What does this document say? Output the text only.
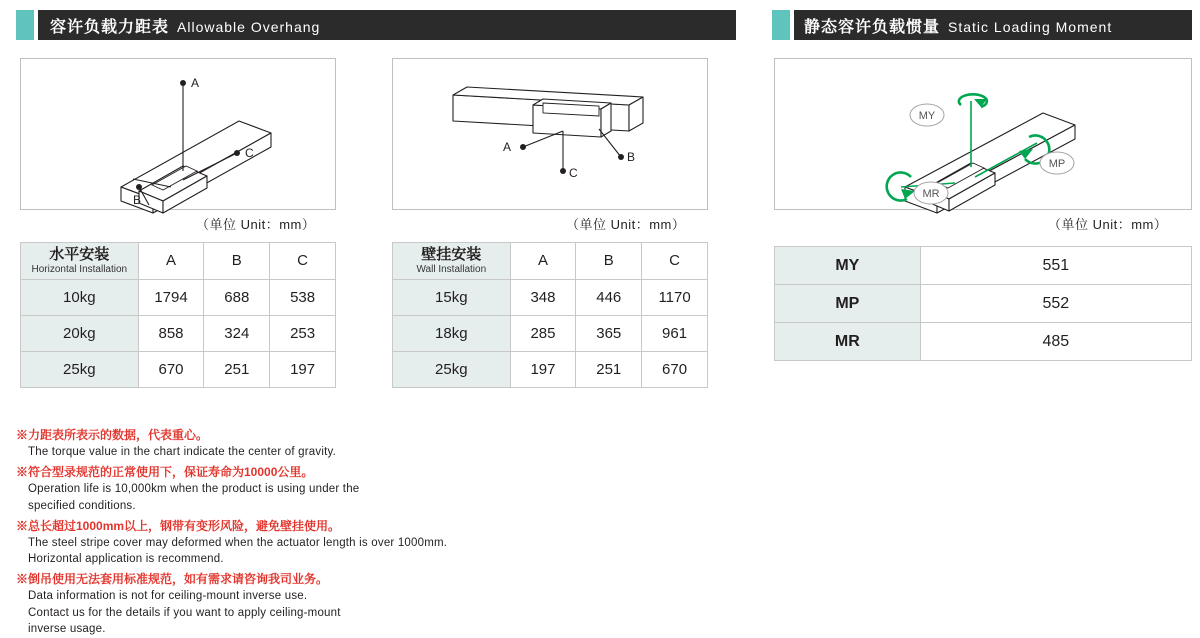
容许负载力距表 Allowable Overhang	静态容许负载惯量 Static Loading Moment
A
C
B
B
A
C
MY
MP
MR
（单位 Unit：mm）	（单位 Unit：mm）	（单位 Unit：mm）
水平安装
Horizontal Installation	A	B	C
10kg	1794	688	538
20kg	858	324	253
25kg	670	251	197
壁挂安装
Wall Installation	A	B	C
15kg	348	446	1170
18kg	285	365	961
25kg	197	251	670
MY	551
MP	552
MR	485
※力距表所表示的数据，代表重心。
The torque value in the chart indicate the center of gravity.
※符合型录规范的正常使用下，保证寿命为10000公里。
Operation life is 10,000km when the product is using under the
specified conditions.
※总长超过1000mm以上，钢带有变形风险，避免壁挂使用。
The steel stripe cover may deformed when the actuator length is over 1000mm.
Horizontal application is recommend.
※倒吊使用无法套用标准规范，如有需求请咨询我司业务。
Data information is not for ceiling-mount inverse use.
Contact us for the details if you want to apply ceiling-mount
inverse usage.
